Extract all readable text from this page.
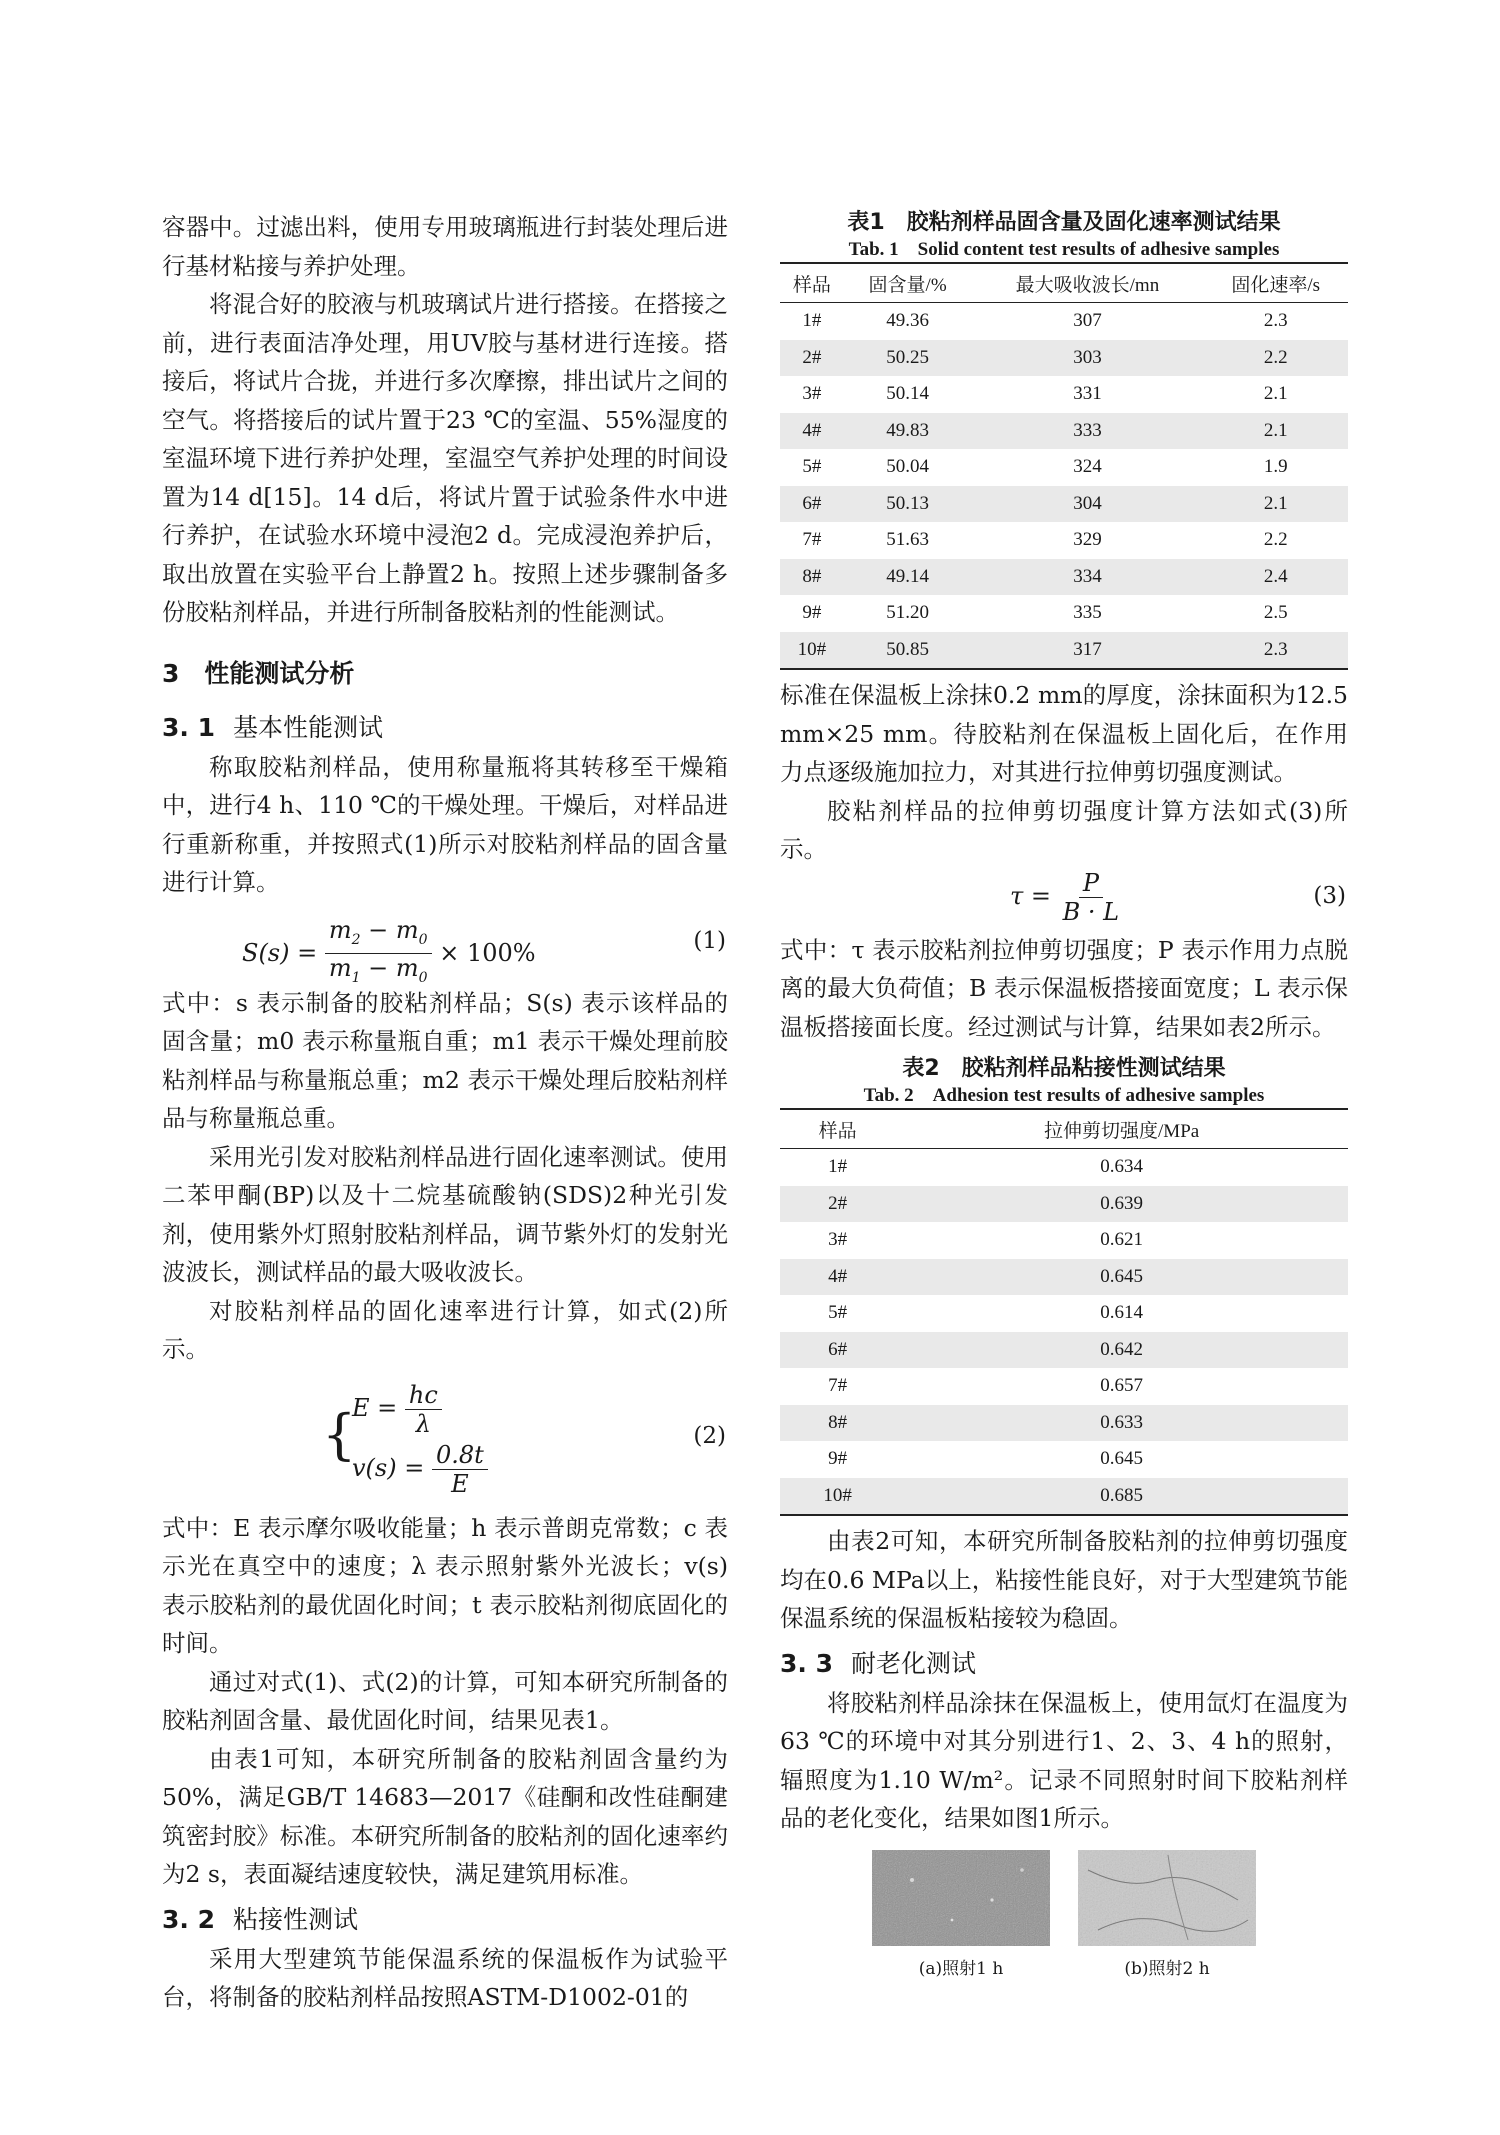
容器中。过滤出料，使用专用玻璃瓶进行封装处理后进行基材粘接与养护处理。

将混合好的胶液与机玻璃试片进行搭接。在搭接之前，进行表面洁净处理，用UV胶与基材进行连接。搭接后，将试片合拢，并进行多次摩擦，排出试片之间的空气。将搭接后的试片置于23 ℃的室温、55%湿度的室温环境下进行养护处理，室温空气养护处理的时间设置为14 d[15]。14 d后，将试片置于试验条件水中进行养护，在试验水环境中浸泡2 d。完成浸泡养护后，取出放置在实验平台上静置2 h。按照上述步骤制备多份胶粘剂样品，并进行所制备胶粘剂的性能测试。

3　性能测试分析
3. 1 基本性能测试

称取胶粘剂样品，使用称量瓶将其转移至干燥箱中，进行4 h、110 ℃的干燥处理。干燥后，对样品进行重新称重，并按照式(1)所示对胶粘剂样品的固含量进行计算。

$S(s) = \frac{m_2 - m_0}{m_1 - m_0} \times 100\%$	(1)

式中：s 表示制备的胶粘剂样品；S(s) 表示该样品的固含量；m0 表示称量瓶自重；m1 表示干燥处理前胶粘剂样品与称量瓶总重；m2 表示干燥处理后胶粘剂样品与称量瓶总重。

采用光引发对胶粘剂样品进行固化速率测试。使用二苯甲酮(BP)以及十二烷基硫酸钠(SDS)2种光引发剂，使用紫外灯照射胶粘剂样品，调节紫外灯的发射光波波长，测试样品的最大吸收波长。

对胶粘剂样品的固化速率进行计算，如式(2)所示。

{
$E = \frac{hc}{\lambda}$
$v(s) = \frac{0.8t}{E}$
(2)

式中：E 表示摩尔吸收能量；h 表示普朗克常数；c 表示光在真空中的速度；λ 表示照射紫外光波长；v(s) 表示胶粘剂的最优固化时间；t 表示胶粘剂彻底固化的时间。

通过对式(1)、式(2)的计算，可知本研究所制备的胶粘剂固含量、最优固化时间，结果见表1。

由表1可知，本研究所制备的胶粘剂固含量约为50%，满足GB/T 14683—2017《硅酮和改性硅酮建筑密封胶》标准。本研究所制备的胶粘剂的固化速率约为2 s，表面凝结速度较快，满足建筑用标准。

3. 2 粘接性测试

采用大型建筑节能保温系统的保温板作为试验平台，将制备的胶粘剂样品按照ASTM-D1002-01的

表1　胶粘剂样品固含量及固化速率测试结果
Tab. 1　Solid content test results of adhesive samples
样品	固含量/%	最大吸收波长/mn	固化速率/s
1#	49.36	307	2.3
2#	50.25	303	2.2
3#	50.14	331	2.1
4#	49.83	333	2.1
5#	50.04	324	1.9
6#	50.13	304	2.1
7#	51.63	329	2.2
8#	49.14	334	2.4
9#	51.20	335	2.5
10#	50.85	317	2.3

标准在保温板上涂抹0.2 mm的厚度，涂抹面积为12.5 mm×25 mm。待胶粘剂在保温板上固化后，在作用力点逐级施加拉力，对其进行拉伸剪切强度测试。

胶粘剂样品的拉伸剪切强度计算方法如式(3)所示。

$\tau = \frac{P}{B \cdot L}$	(3)

式中：τ 表示胶粘剂拉伸剪切强度；P 表示作用力点脱离的最大负荷值；B 表示保温板搭接面宽度；L 表示保温板搭接面长度。经过测试与计算，结果如表2所示。

表2　胶粘剂样品粘接性测试结果
Tab. 2　Adhesion test results of adhesive samples
样品	拉伸剪切强度/MPa
1#	0.634
2#	0.639
3#	0.621
4#	0.645
5#	0.614
6#	0.642
7#	0.657
8#	0.633
9#	0.645
10#	0.685

由表2可知，本研究所制备胶粘剂的拉伸剪切强度均在0.6 MPa以上，粘接性能良好，对于大型建筑节能保温系统的保温板粘接较为稳固。

3. 3 耐老化测试

将胶粘剂样品涂抹在保温板上，使用氙灯在温度为63 ℃的环境中对其分别进行1、2、3、4 h的照射，辐照度为1.10 W/m²。记录不同照射时间下胶粘剂样品的老化变化，结果如图1所示。

(a)照射1 h	(b)照射2 h
